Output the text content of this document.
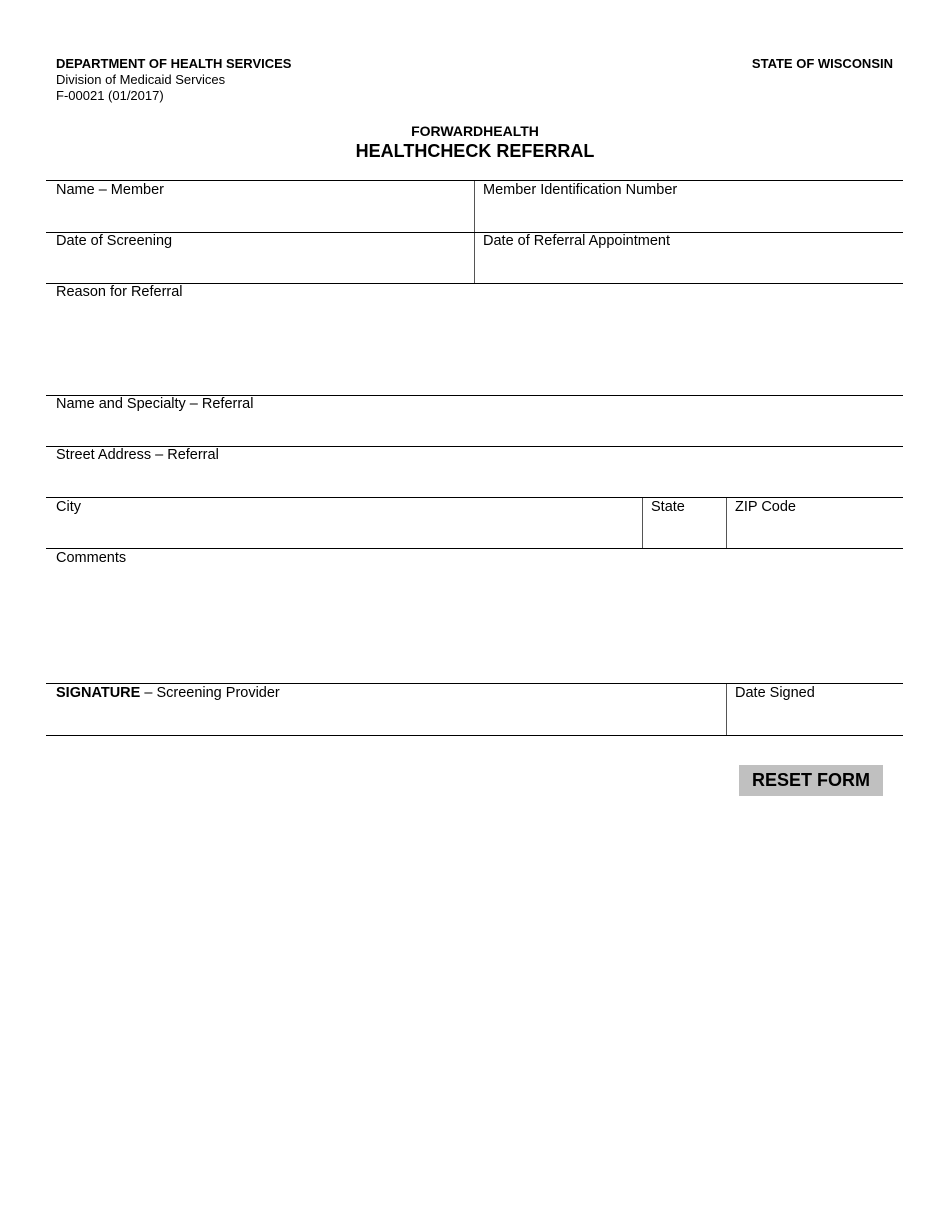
DEPARTMENT OF HEALTH SERVICES
Division of Medicaid Services
F-00021 (01/2017)
STATE OF WISCONSIN
FORWARDHEALTH
HEALTHCHECK REFERRAL
Name – Member	Member Identification Number
Date of Screening	Date of Referral Appointment
Reason for Referral
Name and Specialty – Referral
Street Address – Referral
City	State	ZIP Code
Comments
SIGNATURE – Screening Provider	Date Signed
RESET FORM
